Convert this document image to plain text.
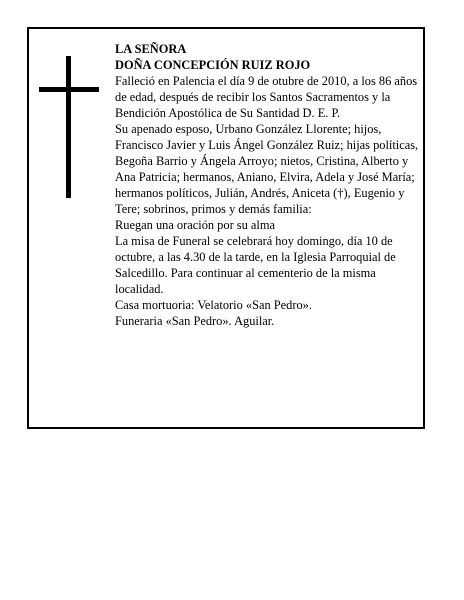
LA SEÑORA

DOÑA CONCEPCIÓN RUIZ ROJO

Falleció en Palencia el día 9 de otubre de 2010, a los 86 años de edad, después de recibir los Santos Sacramentos y la Bendición Apostólica de Su Santidad D. E. P.

Su apenado esposo, Urbano González Llorente; hijos, Francisco Javier y Luis Ángel González Ruiz; hijas políticas, Begoña Barrio y Ángela Arroyo; nietos, Cristina, Alberto y Ana Patricia; hermanos, Aniano, Elvira, Adela y José María; hermanos políticos, Julián, Andrés, Aniceta (†), Eugenio y Tere; sobrinos, primos y demás familia:

Ruegan una oración por su alma

La misa de Funeral se celebrará hoy domingo, día 10 de octubre, a las 4.30 de la tarde, en la Iglesia Parroquial de Salcedillo. Para continuar al cementerio de la misma localidad.

Casa mortuoria: Velatorio «San Pedro».

Funeraria «San Pedro». Aguilar.
